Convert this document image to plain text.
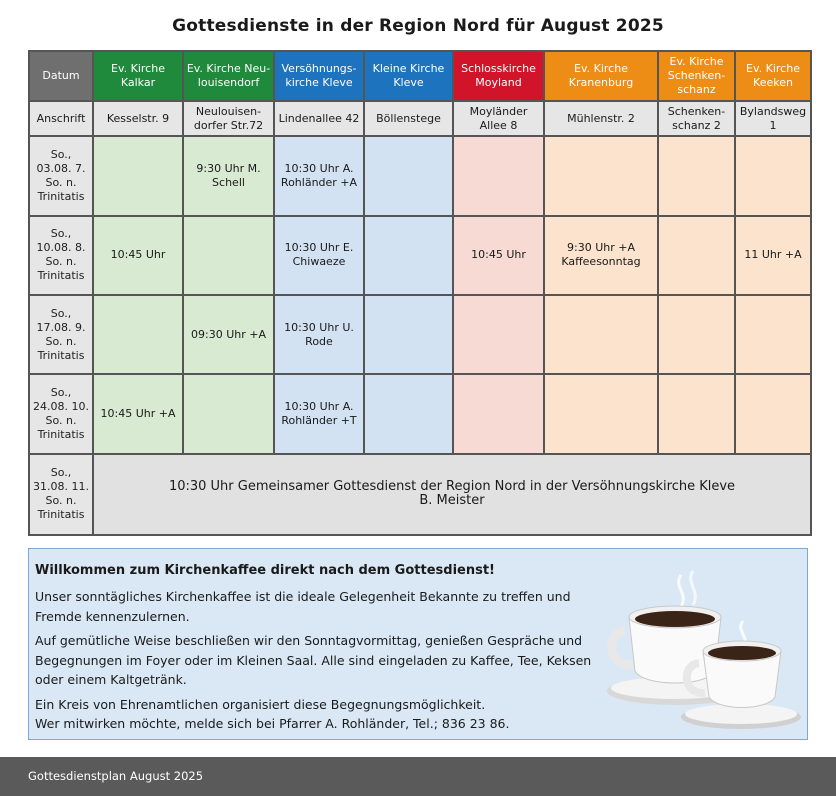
Gottesdienste in der Region Nord für August 2025
Datum	Ev. Kirche Kalkar	Ev. Kirche Neu-louisendorf	Versöhnungs-kirche Kleve	Kleine Kirche Kleve	Schlosskirche Moyland	Ev. Kirche Kranenburg	Ev. Kirche Schenken-schanz	Ev. Kirche Keeken
Anschrift	Kesselstr. 9	Neulouisen-dorfer Str.72	Lindenallee 42	Böllenstege	Moyländer Allee 8	Mühlenstr. 2	Schenken-schanz 2	Bylandsweg 1
So., 03.08. 7. So. n. Trinitatis		9:30 Uhr M. Schell	10:30 Uhr A. Rohländer +A					
So., 10.08. 8. So. n. Trinitatis	10:45 Uhr		10:30 Uhr E. Chiwaeze		10:45 Uhr	9:30 Uhr +A Kaffeesonntag		11 Uhr +A
So., 17.08. 9. So. n. Trinitatis		09:30 Uhr +A	10:30 Uhr U. Rode					
So., 24.08. 10. So. n. Trinitatis	10:45 Uhr +A		10:30 Uhr A. Rohländer +T					
So., 31.08. 11. So. n. Trinitatis	10:30 Uhr Gemeinsamer Gottesdienst der Region Nord in der Versöhnungskirche Kleve
B. Meister							
Willkommen zum Kirchenkaffee direkt nach dem Gottesdienst!

Unser sonntägliches Kirchenkaffee ist die ideale Gelegenheit Bekannte zu treffen und Fremde kennenzulernen.

Auf gemütliche Weise beschließen wir den Sonntagvormittag, genießen Gespräche und Begegnungen im Foyer oder im Kleinen Saal. Alle sind eingeladen zu Kaffee, Tee, Keksen oder einem Kaltgetränk.

Ein Kreis von Ehrenamtlichen organisiert diese Begegnungsmöglichkeit.
Wer mitwirken möchte, melde sich bei Pfarrer A. Rohländer, Tel.; 836 23 86.
Gottesdienstplan August 2025
